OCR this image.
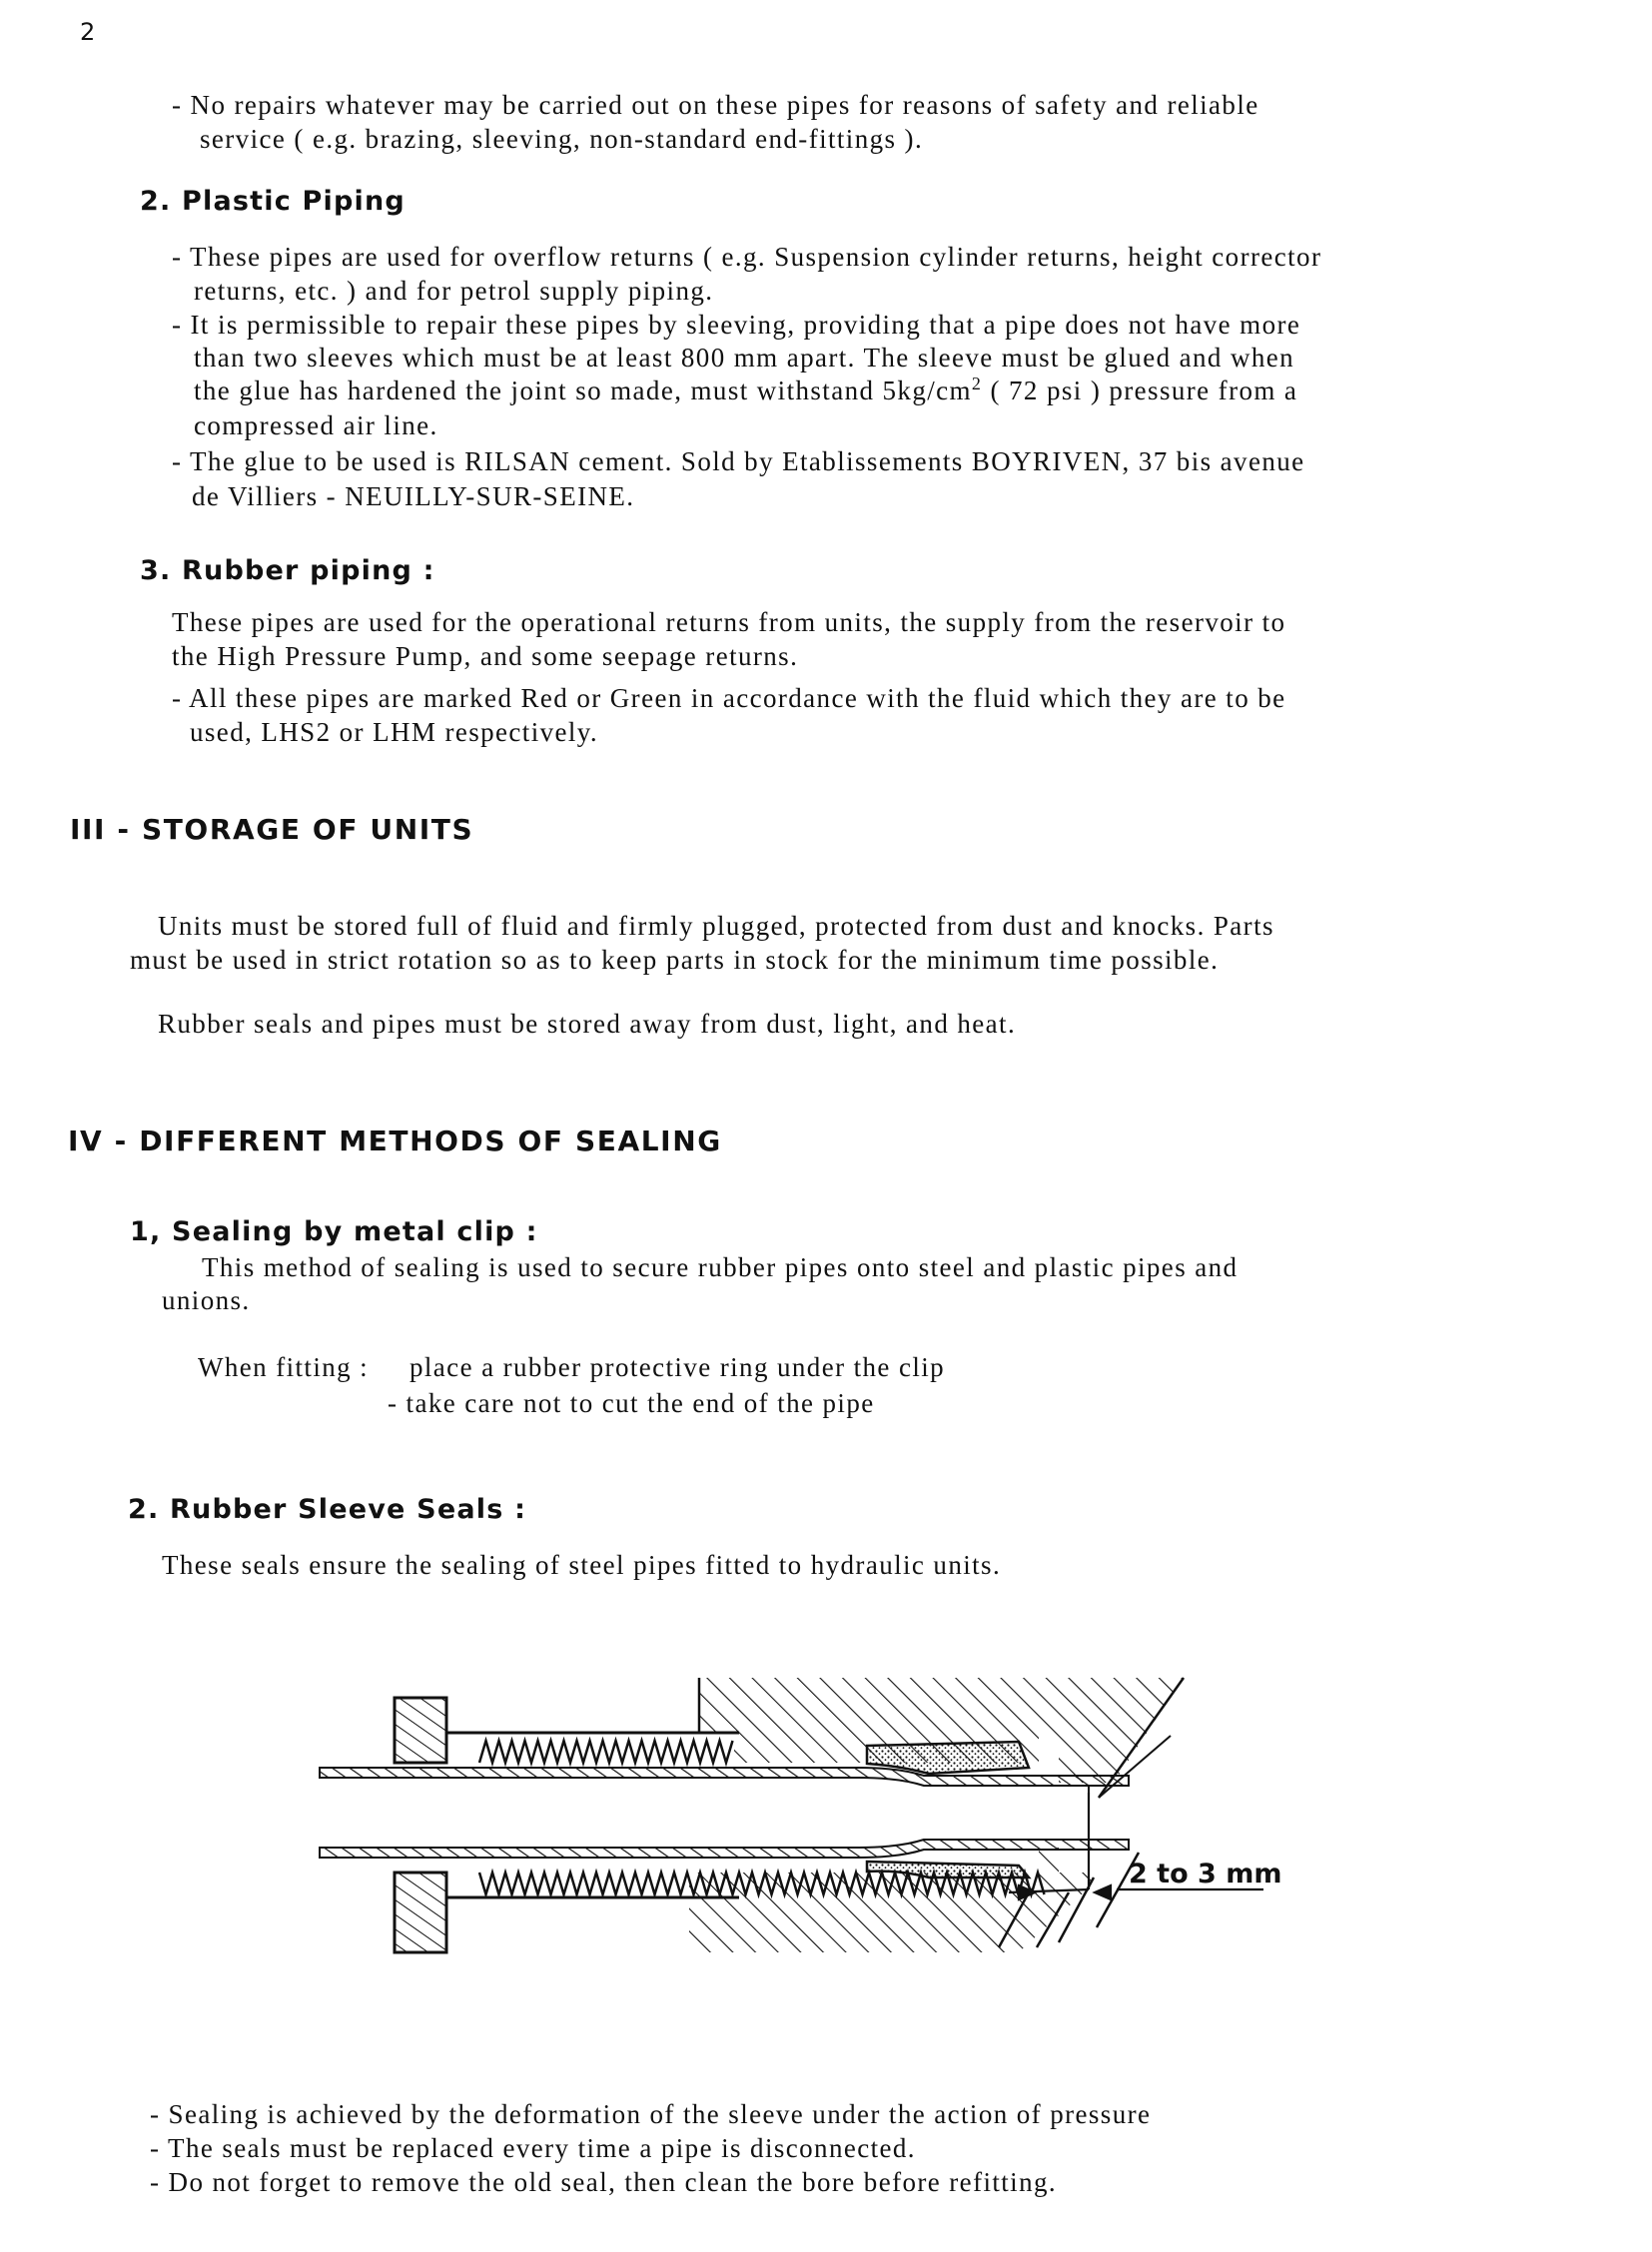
2
- No repairs whatever may be carried out on these pipes for reasons of safety and reliable
service ( e.g. brazing, sleeving, non-standard end-fittings ).
2. Plastic Piping
- These pipes are used for overflow returns ( e.g. Suspension cylinder returns, height corrector
returns, etc. ) and for petrol supply piping.
- It is permissible to repair these pipes by sleeving, providing that a pipe does not have more
than two sleeves which must be at least 800 mm apart. The sleeve must be glued and when
the glue has hardened the joint so made, must withstand $5kg/cm^2$ ( 72 psi ) pressure from a
compressed air line.
- The glue to be used is RILSAN cement. Sold by Etablissements BOYRIVEN, 37 bis avenue
de Villiers - NEUILLY-SUR-SEINE.
3. Rubber piping :
These pipes are used for the operational returns from units, the supply from the reservoir to
the High Pressure Pump, and some seepage returns.
- All these pipes are marked Red or Green in accordance with the fluid which they are to be
used, LHS2 or LHM respectively.
III - STORAGE OF UNITS
Units must be stored full of fluid and firmly plugged, protected from dust and knocks. Parts
must be used in strict rotation so as to keep parts in stock for the minimum time possible.
Rubber seals and pipes must be stored away from dust, light, and heat.
IV - DIFFERENT METHODS OF SEALING
1, Sealing by metal clip :
This method of sealing is used to secure rubber pipes onto steel and plastic pipes and
unions.
When fitting : place a rubber protective ring under the clip
- take care not to cut the end of the pipe
2. Rubber Sleeve Seals :
These seals ensure the sealing of steel pipes fitted to hydraulic units.
2 to 3 mm
- Sealing is achieved by the deformation of the sleeve under the action of pressure
- The seals must be replaced every time a pipe is disconnected.
- Do not forget to remove the old seal, then clean the bore before refitting.
